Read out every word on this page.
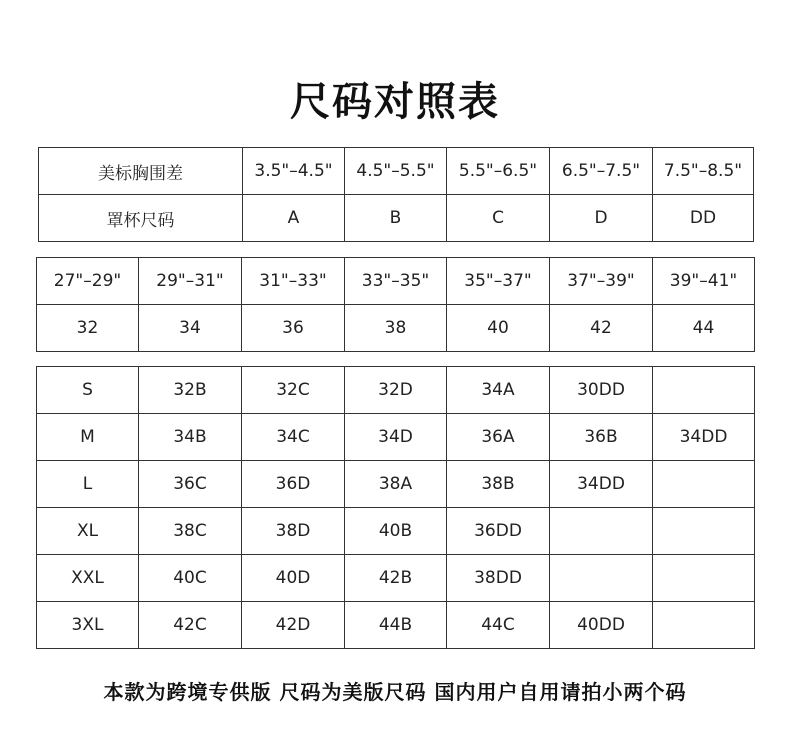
尺码对照表
美标胸围差	3.5"–4.5"	4.5"–5.5"	5.5"–6.5"	6.5"–7.5"	7.5"–8.5"
罩杯尺码	A	B	C	D	DD
27"–29"	29"–31"	31"–33"	33"–35"	35"–37"	37"–39"	39"–41"
32	34	36	38	40	42	44
S	32B	32C	32D	34A	30DD	
M	34B	34C	34D	36A	36B	34DD
L	36C	36D	38A	38B	34DD	
XL	38C	38D	40B	36DD		
XXL	40C	40D	42B	38DD		
3XL	42C	42D	44B	44C	40DD	
本款为跨境专供版 尺码为美版尺码 国内用户自用请拍小两个码
